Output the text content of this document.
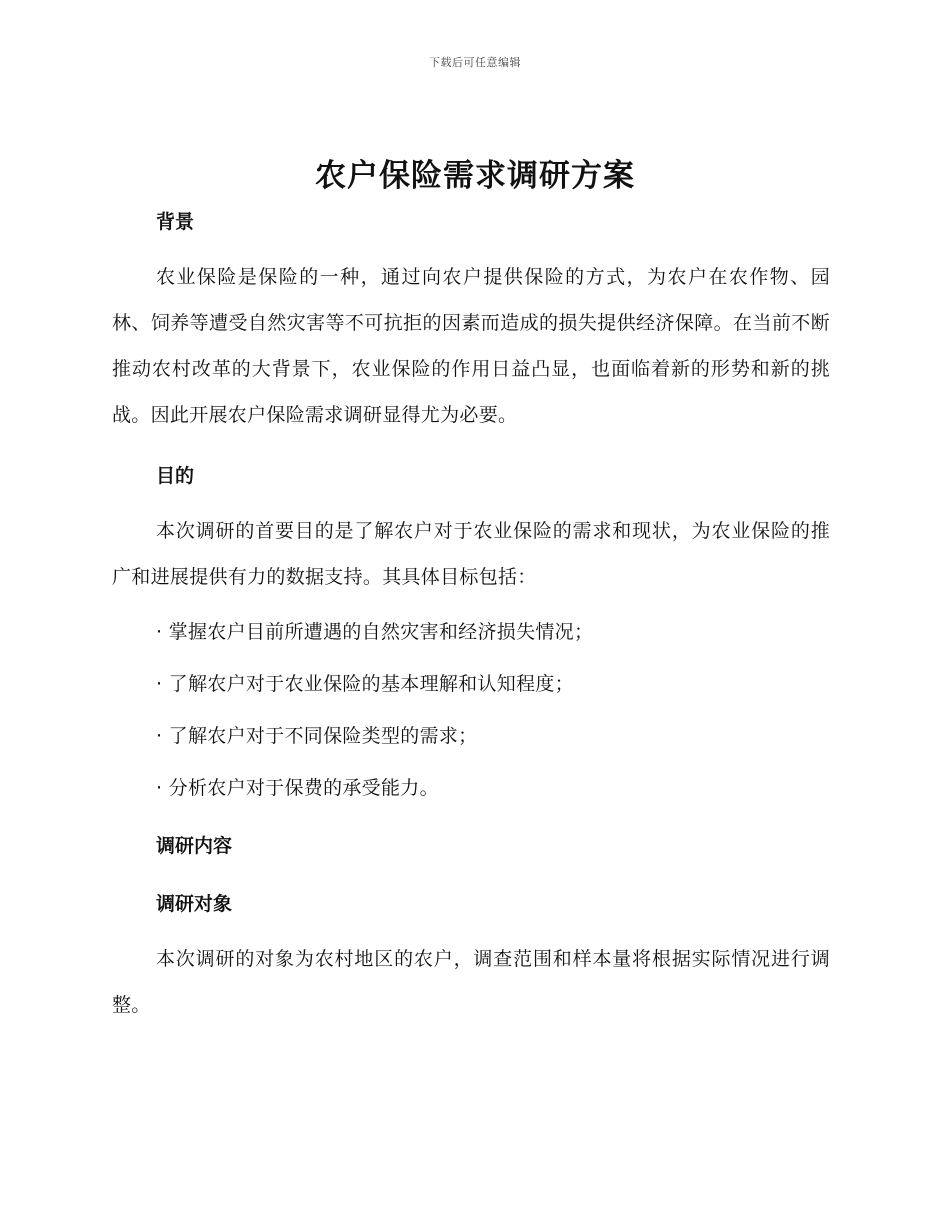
下载后可任意编辑
农户保险需求调研方案

背景

农业保险是保险的一种，通过向农户提供保险的方式，为农户在农作物、园林、饲养等遭受自然灾害等不可抗拒的因素而造成的损失提供经济保障。在当前不断推动农村改革的大背景下，农业保险的作用日益凸显，也面临着新的形势和新的挑战。因此开展农户保险需求调研显得尤为必要。

目的

本次调研的首要目的是了解农户对于农业保险的需求和现状，为农业保险的推广和进展提供有力的数据支持。其具体目标包括：

· 掌握农户目前所遭遇的自然灾害和经济损失情况；

· 了解农户对于农业保险的基本理解和认知程度；

· 了解农户对于不同保险类型的需求；

· 分析农户对于保费的承受能力。

调研内容

调研对象

本次调研的对象为农村地区的农户，调查范围和样本量将根据实际情况进行调整。
